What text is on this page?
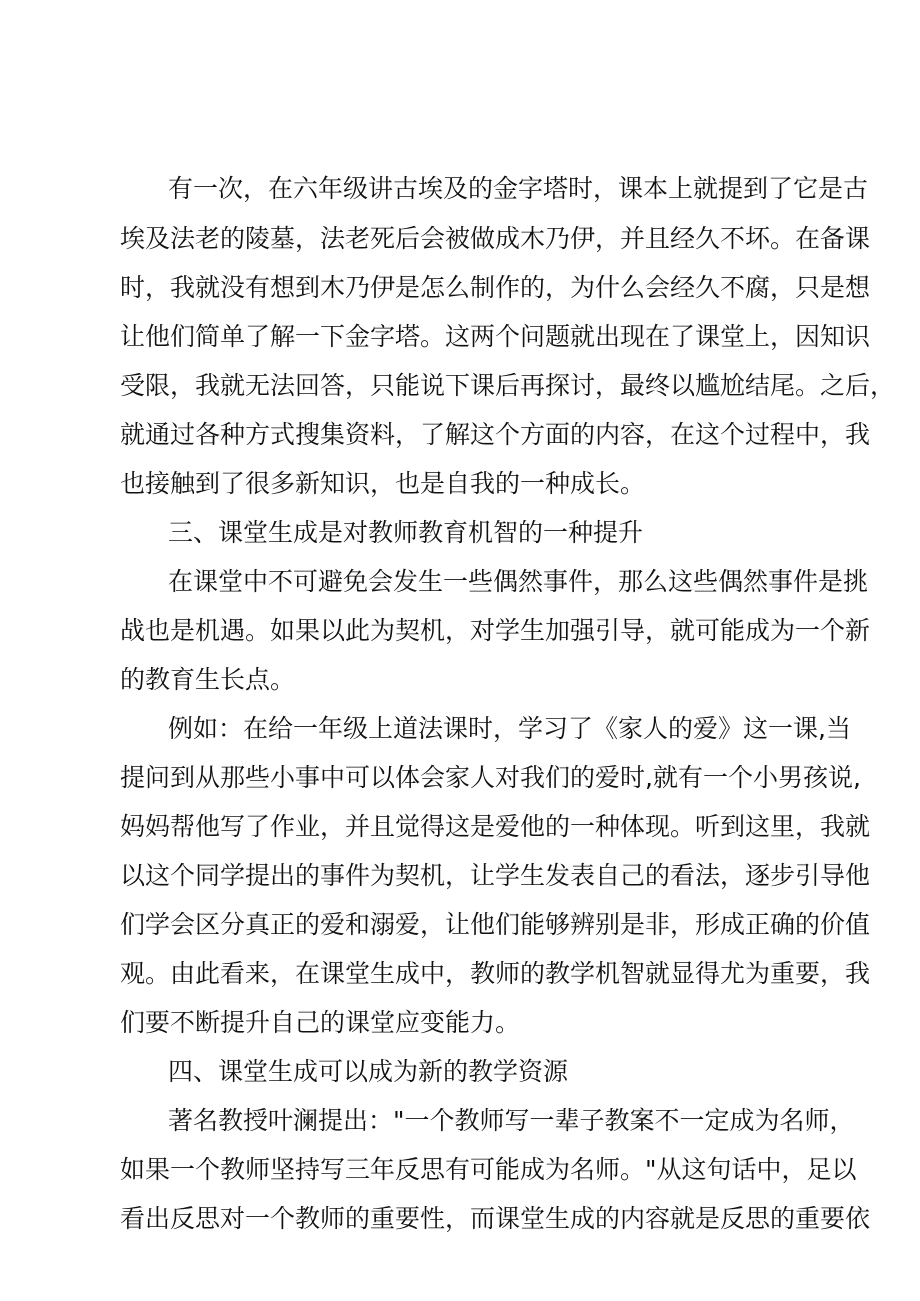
有一次，在六年级讲古埃及的金字塔时，课本上就提到了它是古
埃及法老的陵墓，法老死后会被做成木乃伊，并且经久不坏。在备课
时，我就没有想到木乃伊是怎么制作的，为什么会经久不腐，只是想
让他们简单了解一下金字塔。这两个问题就出现在了课堂上，因知识
受限，我就无法回答，只能说下课后再探讨，最终以尴尬结尾。之后，
就通过各种方式搜集资料，了解这个方面的内容，在这个过程中，我
也接触到了很多新知识，也是自我的一种成长。
三、课堂生成是对教师教育机智的一种提升
在课堂中不可避免会发生一些偶然事件，那么这些偶然事件是挑
战也是机遇。如果以此为契机，对学生加强引导，就可能成为一个新
的教育生长点。
例如：在给一年级上道法课时，学习了《家人的爱》这一课,当
提问到从那些小事中可以体会家人对我们的爱时,就有一个小男孩说,
妈妈帮他写了作业，并且觉得这是爱他的一种体现。听到这里，我就
以这个同学提出的事件为契机，让学生发表自己的看法，逐步引导他
们学会区分真正的爱和溺爱，让他们能够辨别是非，形成正确的价值
观。由此看来，在课堂生成中，教师的教学机智就显得尤为重要，我
们要不断提升自己的课堂应变能力。
四、课堂生成可以成为新的教学资源
著名教授叶澜提出："一个教师写一辈子教案不一定成为名师，
如果一个教师坚持写三年反思有可能成为名师。"从这句话中，足以
看出反思对一个教师的重要性，而课堂生成的内容就是反思的重要依
